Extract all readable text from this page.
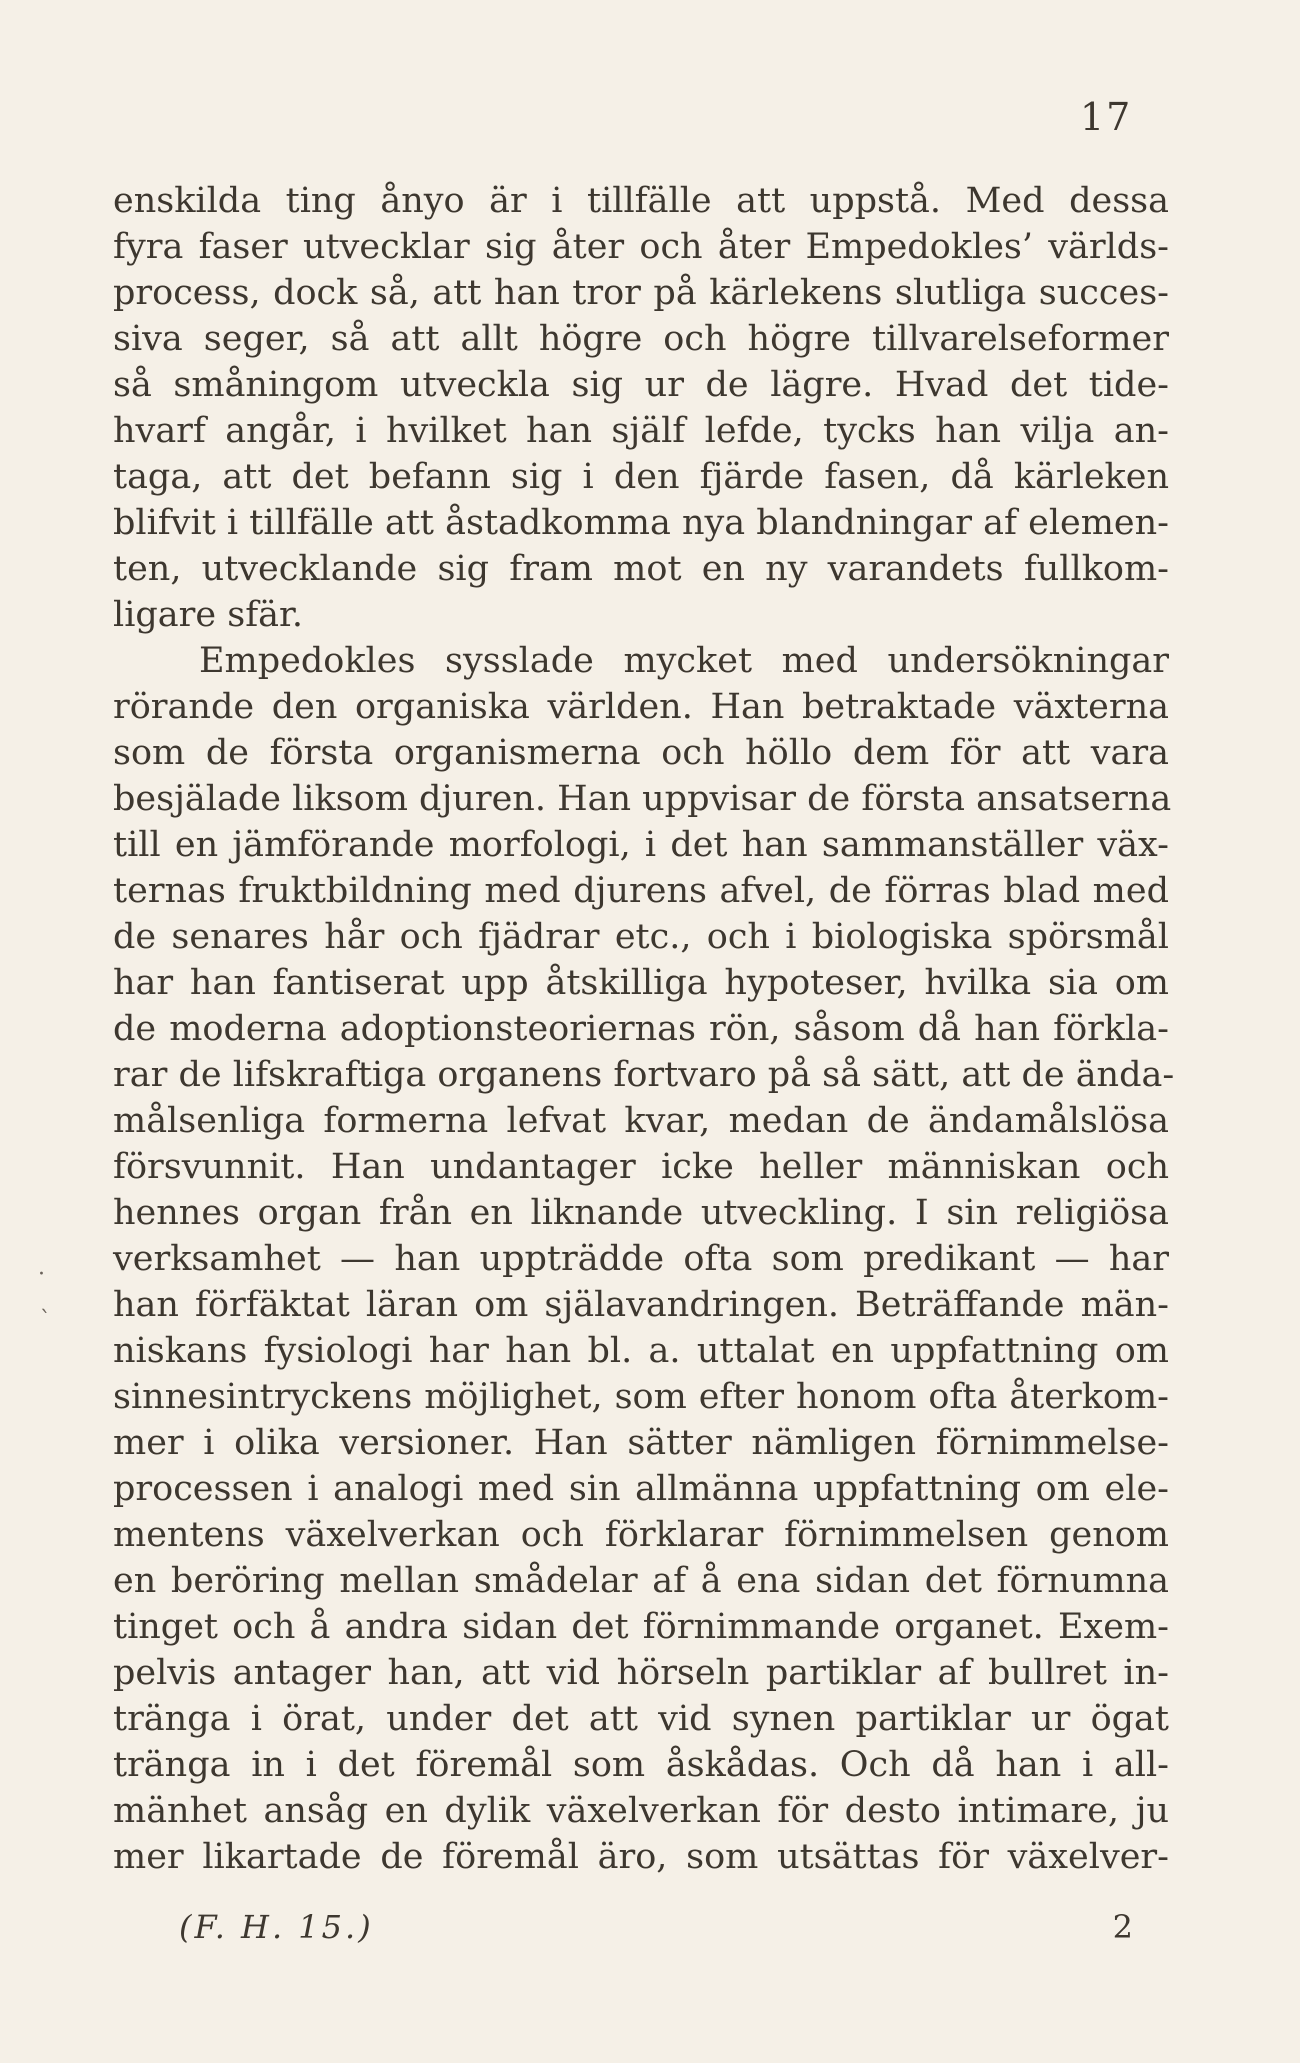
17
enskilda ting ånyo är i tillfälle att uppstå. Med dessa
fyra faser utvecklar sig åter och åter Empedokles’ världs-
process, dock så, att han tror på kärlekens slutliga succes-
siva seger, så att allt högre och högre tillvarelseformer
så småningom utveckla sig ur de lägre. Hvad det tide-
hvarf angår, i hvilket han själf lefde, tycks han vilja an-
taga, att det befann sig i den fjärde fasen, då kärleken
blifvit i tillfälle att åstadkomma nya blandningar af elemen-
ten, utvecklande sig fram mot en ny varandets fullkom-
ligare sfär.
Empedokles sysslade mycket med undersökningar
rörande den organiska världen. Han betraktade växterna
som de första organismerna och höllo dem för att vara
besjälade liksom djuren. Han uppvisar de första ansatserna
till en jämförande morfologi, i det han sammanställer väx-
ternas fruktbildning med djurens afvel, de förras blad med
de senares hår och fjädrar etc., och i biologiska spörsmål
har han fantiserat upp åtskilliga hypoteser, hvilka sia om
de moderna adoptionsteoriernas rön, såsom då han förkla-
rar de lifskraftiga organens fortvaro på så sätt, att de ända-
målsenliga formerna lefvat kvar, medan de ändamålslösa
försvunnit. Han undantager icke heller människan och
hennes organ från en liknande utveckling. I sin religiösa
verksamhet — han uppträdde ofta som predikant — har
han förfäktat läran om själavandringen. Beträffande män-
niskans fysiologi har han bl. a. uttalat en uppfattning om
sinnesintryckens möjlighet, som efter honom ofta återkom-
mer i olika versioner. Han sätter nämligen förnimmelse-
processen i analogi med sin allmänna uppfattning om ele-
mentens växelverkan och förklarar förnimmelsen genom
en beröring mellan smådelar af å ena sidan det förnumna
tinget och å andra sidan det förnimmande organet. Exem-
pelvis antager han, att vid hörseln partiklar af bullret in-
tränga i örat, under det att vid synen partiklar ur ögat
tränga in i det föremål som åskådas. Och då han i all-
mänhet ansåg en dylik växelverkan för desto intimare, ju
mer likartade de föremål äro, som utsättas för växelver-
(F. H. 15.)	2
·
ˋ
